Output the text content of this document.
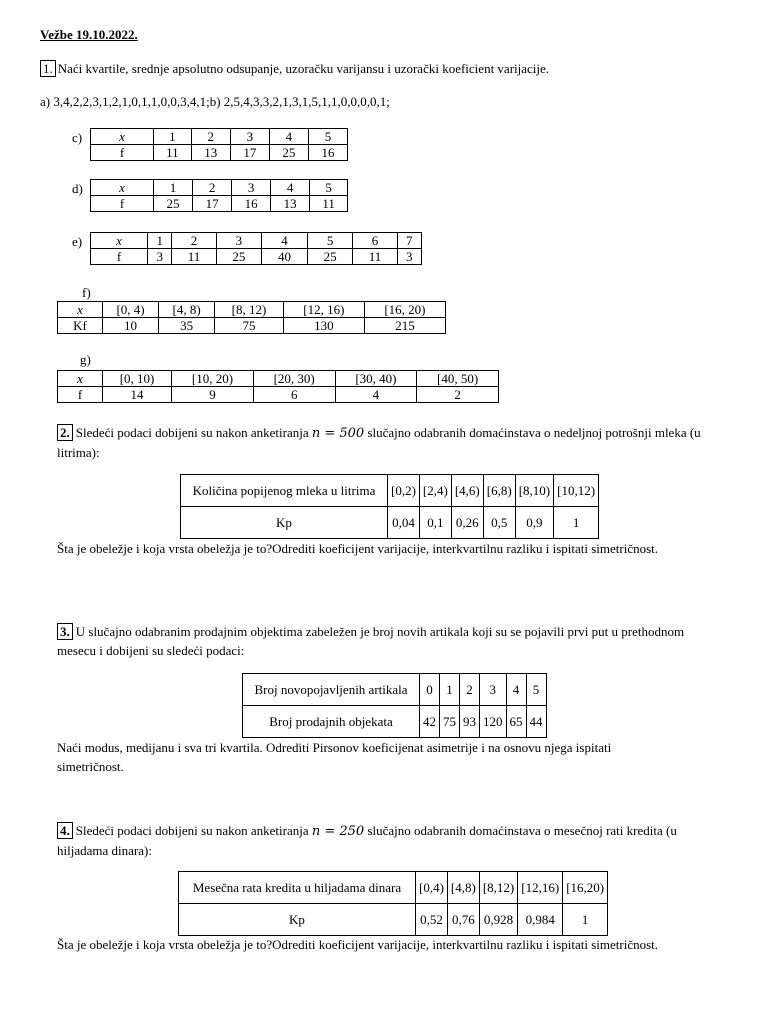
Vežbe 19.10.2022.
1. Naći kvartile, srednje apsolutno odsupanje, uzoračku varijansu i uzorački koeficient varijacije.
a) 3,4,2,2,3,1,2,1,0,1,1,0,0,3,4,1;b) 2,5,4,3,3,2,1,3,1,5,1,1,0,0,0,0,1;
c)	x	1	2	3	4	5
f	11	13	17	25	16
d)	x	1	2	3	4	5
f	25	17	16	13	11
e)	x	1	2	3	4	5	6	7
f	3	11	25	40	25	11	3
f)
x	[0, 4)	[4, 8)	[8, 12)	[12, 16)	[16, 20)
Kf	10	35	75	130	215
g)
x	[0, 10)	[10, 20)	[20, 30)	[30, 40)	[40, 50)
f	14	9	6	4	2
2. Sledeći podaci dobijeni su nakon anketiranja n = 500 slučajno odabranih domaćinstava o nedeljnoj potrošnji mleka (u litrima):
Količina popijenog mleka u litrima	[0,2)	[2,4)	[4,6)	[6,8)	[8,10)	[10,12)
Kp	0,04	0,1	0,26	0,5	0,9	1
Šta je obeležje i koja vrsta obeležja je to?Odrediti koeficijent varijacije, interkvartilnu razliku i ispitati simetričnost.
3. U slučajno odabranim prodajnim objektima zabeležen je broj novih artikala koji su se pojavili prvi put u prethodnom mesecu i dobijeni su sledeći podaci:
Broj novopojavljenih artikala	0	1	2	3	4	5
Broj prodajnih objekata	42	75	93	120	65	44
Naći modus, medijanu i sva tri kvartila. Odrediti Pirsonov koeficijenat asimetrije i na osnovu njega ispitati simetričnost.
4. Sledeći podaci dobijeni su nakon anketiranja n = 250 slučajno odabranih domaćinstava o mesečnoj rati kredita (u hiljadama dinara):
Mesečna rata kredita u hiljadama dinara	[0,4)	[4,8)	[8,12)	[12,16)	[16,20)
Kp	0,52	0,76	0,928	0,984	1
Šta je obeležje i koja vrsta obeležja je to?Odrediti koeficijent varijacije, interkvartilnu razliku i ispitati simetričnost.
